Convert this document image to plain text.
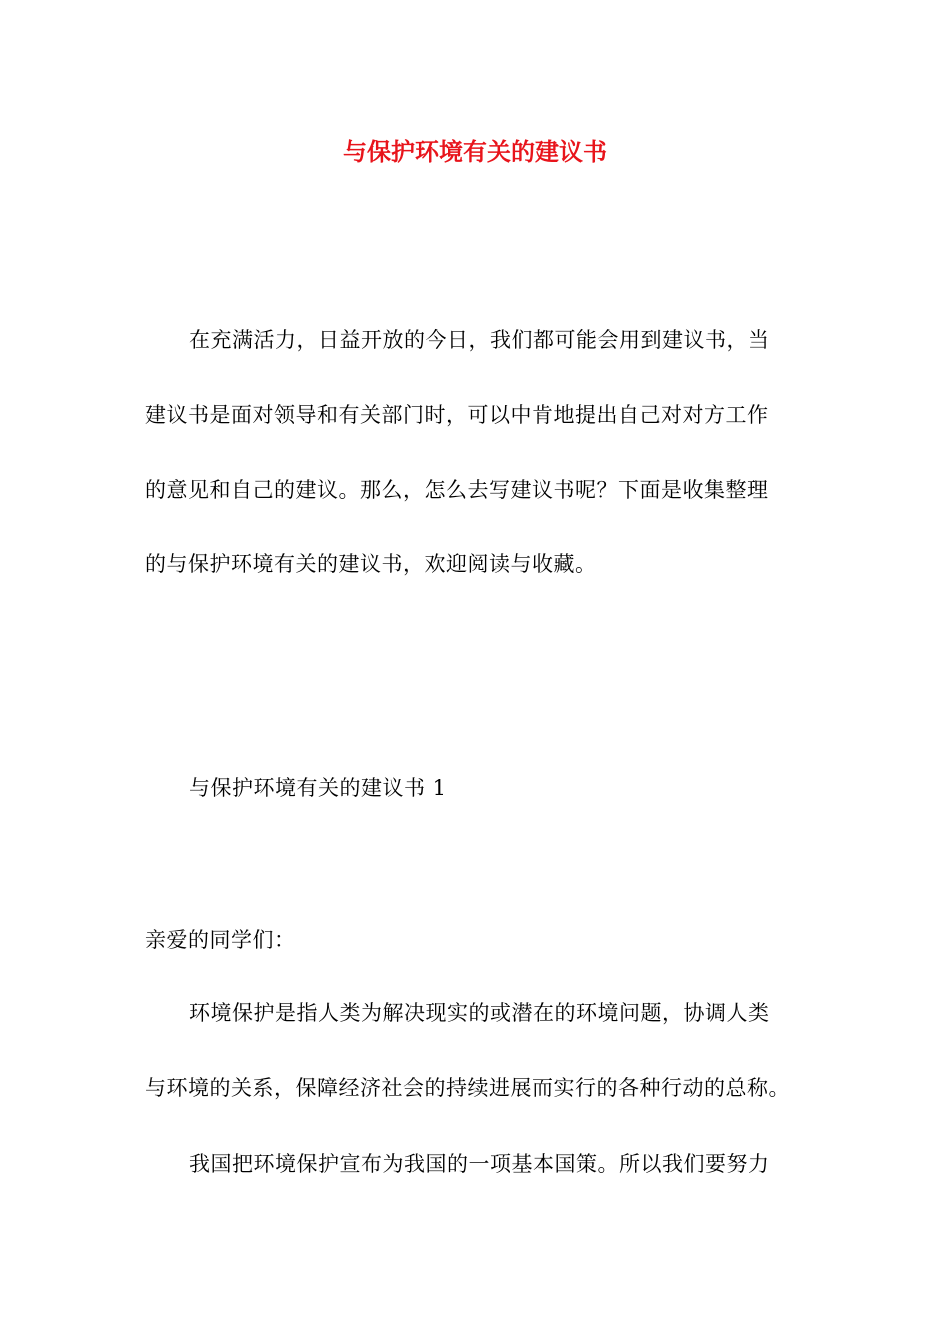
与保护环境有关的建议书
在充满活力，日益开放的今日，我们都可能会用到建议书，当
建议书是面对领导和有关部门时，可以中肯地提出自己对对方工作
的意见和自己的建议。那么，怎么去写建议书呢？下面是收集整理
的与保护环境有关的建议书，欢迎阅读与收藏。
与保护环境有关的建议书 1
亲爱的同学们：
环境保护是指人类为解决现实的或潜在的环境问题，协调人类
与环境的关系，保障经济社会的持续进展而实行的各种行动的总称。
我国把环境保护宣布为我国的一项基本国策。所以我们要努力
